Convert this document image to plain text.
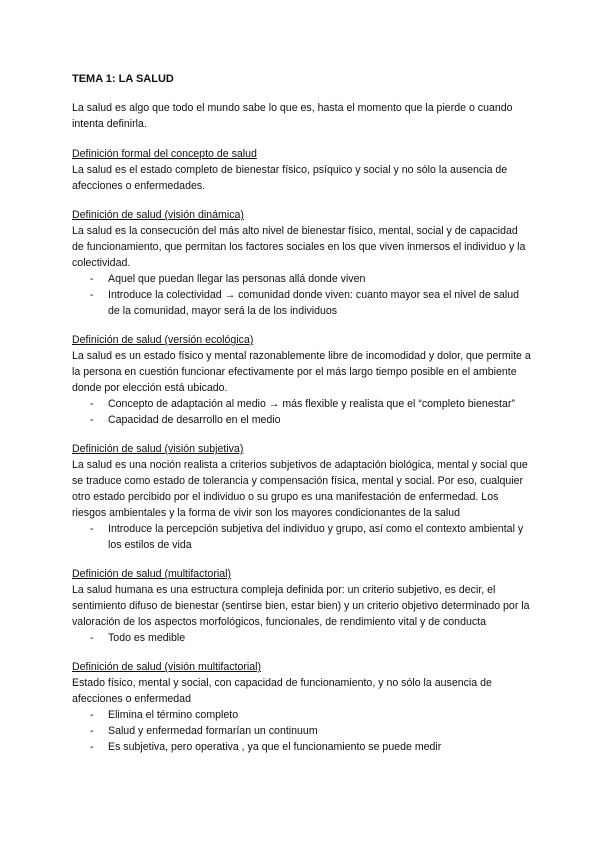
TEMA 1: LA SALUD

La salud es algo que todo el mundo sabe lo que es, hasta el momento que la pierde o cuando intenta definirla.

Definición formal del concepto de salud

La salud es el estado completo de bienestar físico, psíquico y social y no sólo la ausencia de afecciones o enfermedades.

Definición de salud (visión dinámica)

La salud es la consecución del más alto nivel de bienestar físico, mental, social y de capacidad de funcionamiento, que permitan los factores sociales en los que viven inmersos el individuo y la colectividad.

- Aquel que puedan llegar las personas allá donde viven
- Introduce la colectividad → comunidad donde viven: cuanto mayor sea el nivel de salud de la comunidad, mayor será la de los individuos
Definición de salud (versión ecológica)

La salud es un estado físico y mental razonablemente libre de incomodidad y dolor, que permite a la persona en cuestión funcionar efectivamente por el más largo tiempo posible en el ambiente donde por elección está ubicado.

- Concepto de adaptación al medio → más flexible y realista que el “completo bienestar”
- Capacidad de desarrollo en el medio
Definición de salud (visión subjetiva)

La salud es una noción realista a criterios subjetivos de adaptación biológica, mental y social que se traduce como estado de tolerancia y compensación física, mental y social. Por eso, cualquier otro estado percibido por el individuo o su grupo es una manifestación de enfermedad. Los riesgos ambientales y la forma de vivir son los mayores condicionantes de la salud

- Introduce la percepción subjetiva del individuo y grupo, así como el contexto ambiental y los estilos de vida
Definición de salud (multifactorial)

La salud humana es una estructura compleja definida por: un criterio subjetivo, es decir, el sentimiento difuso de bienestar (sentirse bien, estar bien) y un criterio objetivo determinado por la valoración de los aspectos morfológicos, funcionales, de rendimiento vital y de conducta

- Todo es medible
Definición de salud (visión multifactorial)

Estado físico, mental y social, con capacidad de funcionamiento, y no sólo la ausencia de afecciones o enfermedad

- Elimina el término completo
- Salud y enfermedad formarían un continuum
- Es subjetiva, pero operativa , ya que el funcionamiento se puede medir
